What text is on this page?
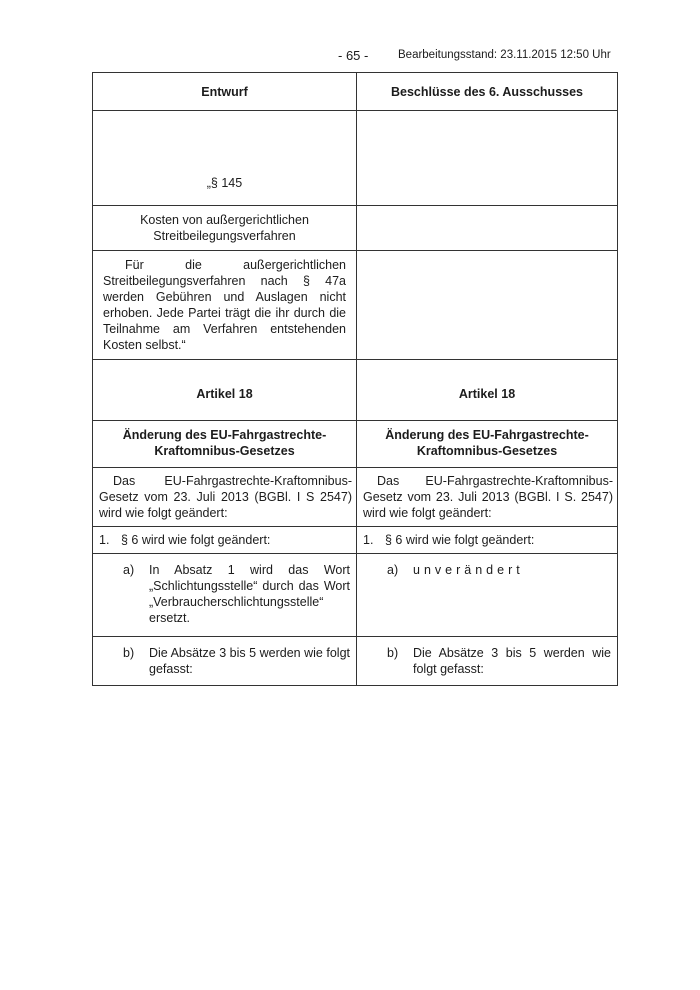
- 65 -	Bearbeitungsstand: 23.11.2015 12:50 Uhr
Entwurf	Beschlüsse des 6. Ausschusses
„§ 145	
Kosten von außergerichtlichen Streitbeilegungsverfahren	
Für die außergerichtlichen Streitbeilegungsverfahren nach § 47a werden Gebühren und Auslagen nicht erhoben. Jede Partei trägt die ihr durch die Teilnahme am Verfahren entstehenden Kosten selbst.“	
Artikel 18	Artikel 18
Änderung des EU-Fahrgastrechte-Kraftomnibus-Gesetzes	Änderung des EU-Fahrgastrechte-Kraftomnibus-Gesetzes
Das EU-Fahrgastrechte-Kraftomnibus-Gesetz vom 23. Juli 2013 (BGBl. I S 2547) wird wie folgt geändert:	Das EU-Fahrgastrechte-Kraftomnibus-Gesetz vom 23. Juli 2013 (BGBl. I S. 2547) wird wie folgt geändert:
1. § 6 wird wie folgt geändert:	1. § 6 wird wie folgt geändert:

a) In Absatz 1 wird das Wort „Schlichtungsstelle“ durch das Wort „Verbraucherschlichtungsstelle“ ersetzt.	a) unverändert

b) Die Absätze 3 bis 5 werden wie folgt gefasst:	b) Die Absätze 3 bis 5 werden wie folgt gefasst:
